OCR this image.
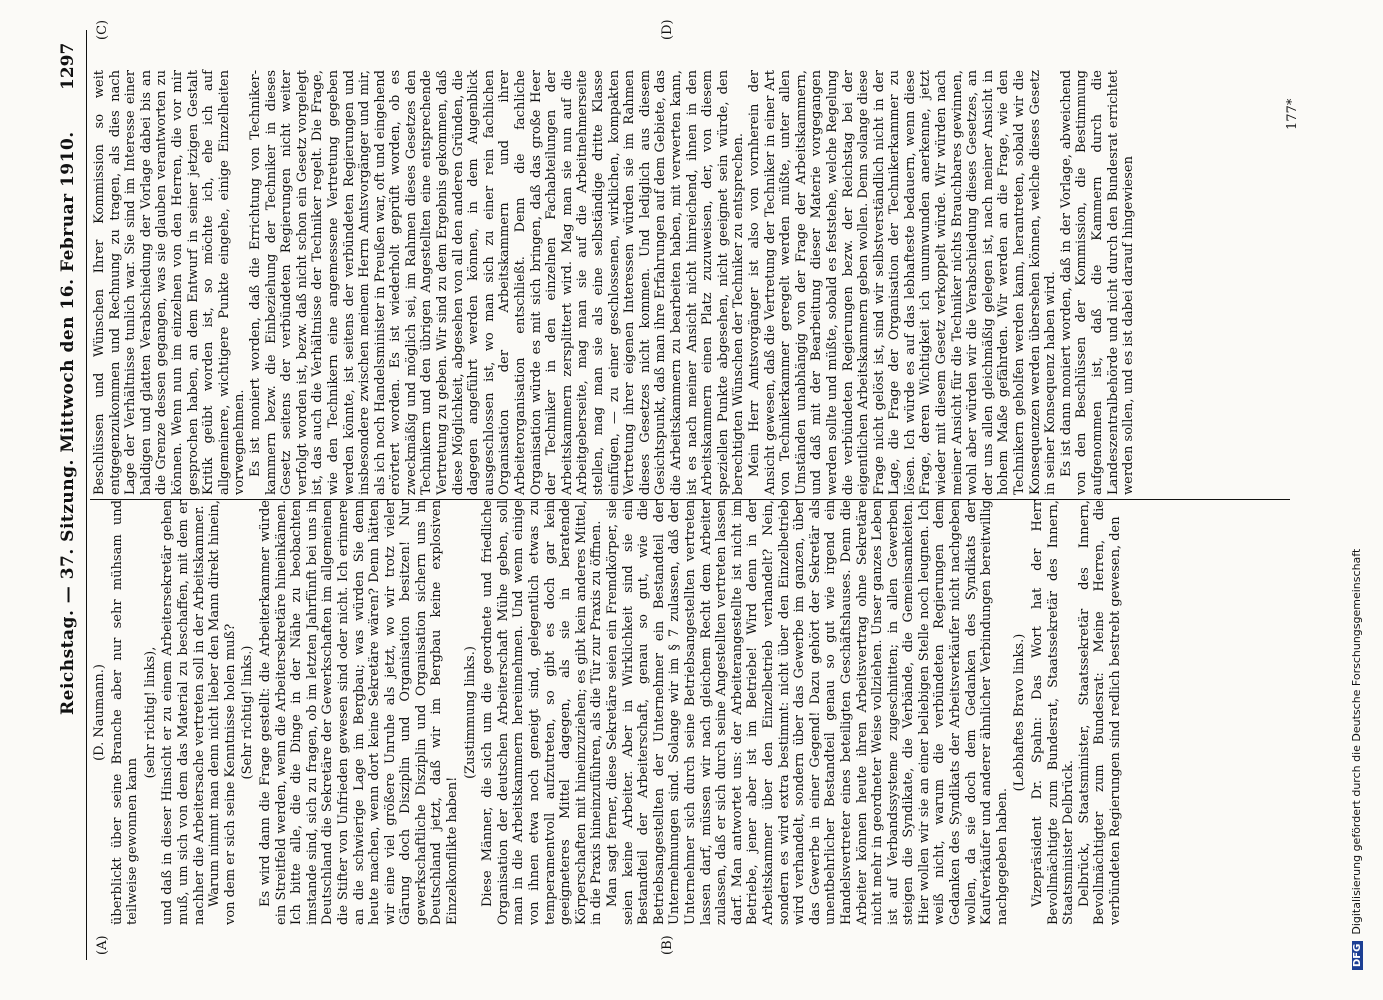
Reichstag. — 37. Sitzung. Mittwoch den 16. Februar 1910.
1297
(A)	(B)
(C)	(D)

(D. Naumann.) überblickt über seine Branche aber nur sehr mühsam und teilweise gewonnen kann

(sehr richtig! links), und daß in dieser Hinsicht er zu einem Arbeitersekretär gehen muß, um sich von dem das Material zu beschaffen, mit dem er nachher die Arbeitersache vertreten soll in der Arbeitskammer. Warum nimmt man denn nicht lieber den Mann direkt hinein, von dem er sich seine Kenntnisse holen muß? (Sehr richtig! links.) Es wird dann die Frage gestellt: die Arbeiterkammer würde ein Streitfeld werden, wenn die Arbeitersekretäre hineinkämen. Ich bitte alle, die die Dinge in der Nähe zu beobachten imstande sind, sich zu fragen, ob im letzten Jahrfünft bei uns in Deutschland die Sekretäre der Gewerkschaften im allgemeinen die Stifter von Unfrieden gewesen sind oder nicht. Ich erinnere an die schwierige Lage im Bergbau; was würden Sie denn heute machen, wenn dort keine Sekretäre wären? Denn hätten wir eine viel größere Unruhe als jetzt, wo wir trotz vieler Gärung doch Disziplin und Organisation besitzen! Nur gewerkschaftliche Disziplin und Organisation sichern uns in Deutschland jetzt, daß wir im Bergbau keine explosiven Einzelkonflikte haben!

(Zustimmung links.) Diese Männer, die sich um die geordnete und friedliche Organisation der deutschen Arbeiterschaft Mühe geben, soll man in die Arbeitskammern hereinnehmen. Und wenn einige von ihnen etwa noch geneigt sind, gelegentlich etwas zu temperamentvoll aufzutreten, so gibt es doch gar kein geeigneteres Mittel dagegen, als sie in beratende Körperschaften mit hineinzuziehen; es gibt kein anderes Mittel, in die Praxis hineinzuführen, als die Tür zur Praxis zu öffnen. Man sagt ferner, diese Sekretäre seien ein Fremdkörper, sie seien keine Arbeiter. Aber in Wirklichkeit sind sie ein Bestandteil der Arbeiterschaft, genau so gut, wie die Betriebsangestellten der Unternehmer ein Bestandteil der Unternehmungen sind. Solange wir im § 7 zulassen, daß der Unternehmer sich durch seine Betriebsangestellten vertreten lassen darf, müssen wir nach gleichem Recht dem Arbeiter zulassen, daß er sich durch seine Angestellten vertreten lassen darf. Man antwortet uns: der Arbeiterangestellte ist nicht im Betriebe, jener aber ist im Betriebe! Wird denn in der Arbeitskammer über den Einzelbetrieb verhandelt? Nein, sondern es wird extra bestimmt: nicht über den Einzelbetrieb wird verhandelt, sondern über das Gewerbe im ganzen, über das Gewerbe in einer Gegend! Dazu gehört der Sekretär als unentbehrlicher Bestandteil genau so gut wie irgend ein Handelsvertreter eines beteiligten Geschäftshauses. Denn die Arbeiter können heute ihren Arbeitsvertrag ohne Sekretäre nicht mehr in geordneter Weise vollziehen. Unser ganzes Leben ist auf Verbandssysteme zugeschnitten; in allen Gewerben steigen die Syndikate, die Verbände, die Gemeinsamkeiten. Hier wollen wir sie an einer beliebigen Stelle noch leugnen. Ich weiß nicht, warum die verbündeten Regierungen dem Gedanken des Syndikats der Arbeitsverkäufer nicht nachgeben wollen, da sie doch dem Gedanken des Syndikats der Kaufverkäufer und anderer ähnlicher Verbindungen bereitwillig nachgegeben haben.

(Lebhaftes Bravo links.) Vizepräsident Dr. Spahn: Das Wort hat der Herr Bevollmächtigte zum Bundesrat, Staatssekretär des Innern, Staatsminister Delbrück. Delbrück, Staatsminister, Staatssekretär des Innern, Bevollmächtigter zum Bundesrat: Meine Herren, die verbündeten Regierungen sind redlich bestrebt gewesen, den

Beschlüssen und Wünschen Ihrer Kommission so weit entgegenzukommen und Rechnung zu tragen, als dies nach Lage der Verhältnisse tunlich war. Sie sind im Interesse einer baldigen und glatten Verabschiedung der Vorlage dabei bis an die Grenze dessen gegangen, was sie glauben verantworten zu können. Wenn nun im einzelnen von den Herren, die vor mir gesprochen haben, an dem Entwurf in seiner jetzigen Gestalt Kritik geübt worden ist, so möchte ich, ehe ich auf allgemeinere, wichtigere Punkte eingehe, einige Einzelheiten vorwegnehmen. Es ist moniert worden, daß die Errichtung von Technikerkammern bezw. die Einbeziehung der Techniker in dieses Gesetz seitens der verbündeten Regierungen nicht weiter verfolgt worden ist, bezw. daß nicht schon ein Gesetz vorgelegt ist, das auch die Verhältnisse der Techniker regelt. Die Frage, wie den Technikern eine angemessene Vertretung gegeben werden könnte, ist seitens der verbündeten Regierungen und insbesondere zwischen meinem Herrn Amtsvorgänger und mir, als ich noch Handelsminister in Preußen war, oft und eingehend erörtert worden. Es ist wiederholt geprüft worden, ob es zweckmäßig und möglich sei, im Rahmen dieses Gesetzes den Technikern und den übrigen Angestellten eine entsprechende Vertretung zu geben. Wir sind zu dem Ergebnis gekommen, daß diese Möglichkeit, abgesehen von all den anderen Gründen, die dagegen angeführt werden können, in dem Augenblick ausgeschlossen ist, wo man sich zu einer rein fachlichen Organisation der Arbeitskammern und ihrer Arbeiterorganisation entschließt. Denn die fachliche Organisation würde es mit sich bringen, daß das große Heer der Techniker in den einzelnen Fachabteilungen der Arbeitskammern zersplittert wird. Mag man sie nun auf die Arbeitgeberseite, mag man sie auf die Arbeitnehmerseite stellen, mag man sie als eine selbständige dritte Klasse einfügen, — zu einer geschlossenen, wirklichen, kompakten Vertretung ihrer eigenen Interessen würden sie im Rahmen dieses Gesetzes nicht kommen. Und lediglich aus diesem Gesichtspunkt, daß man ihre Erfahrungen auf dem Gebiete, das die Arbeitskammern zu bearbeiten haben, mit verwerten kann, ist es nach meiner Ansicht nicht hinreichend, ihnen in den Arbeitskammern einen Platz zuzuweisen, der, von diesem speziellen Punkte abgesehen, nicht geeignet sein würde, den berechtigten Wünschen der Techniker zu entsprechen. Mein Herr Amtsvorgänger ist also von vornherein der Ansicht gewesen, daß die Vertretung der Techniker in einer Art von Technikerkammer geregelt werden müßte, unter allen Umständen unabhängig von der Frage der Arbeitskammern, und daß mit der Bearbeitung dieser Materie vorgegangen werden sollte und müßte, sobald es feststehe, welche Regelung die verbündeten Regierungen bezw. der Reichstag bei der eigentlichen Arbeitskammern geben wollen. Denn solange diese Frage nicht gelöst ist, sind wir selbstverständlich nicht in der Lage, die Frage der Organisation der Technikerkammer zu lösen. Ich würde es auf das lebhafteste bedauern, wenn diese Frage, deren Wichtigkeit ich unumwunden anerkenne, jetzt wieder mit diesem Gesetz verkoppelt würde. Wir würden nach meiner Ansicht für die Techniker nichts Brauchbares gewinnen, wohl aber würden wir die Verabschiedung dieses Gesetzes, an der uns allen gleichmäßig gelegen ist, nach meiner Ansicht in hohem Maße gefährden. Wir werden an die Frage, wie den Technikern geholfen werden kann, herantreten, sobald wir die Konsequenzen werden übersehen können, welche dieses Gesetz in seiner Konsequenz haben wird. Es ist dann moniert worden, daß in der Vorlage, abweichend von den Beschlüssen der Kommission, die Bestimmung aufgenommen ist, daß die Kammern durch die Landeszentralbehörde und nicht durch den Bundesrat errichtet werden sollen, und es ist dabei darauf hingewiesen

177*
DFGDigitalisierung gefördert durch die Deutsche Forschungsgemeinschaft
